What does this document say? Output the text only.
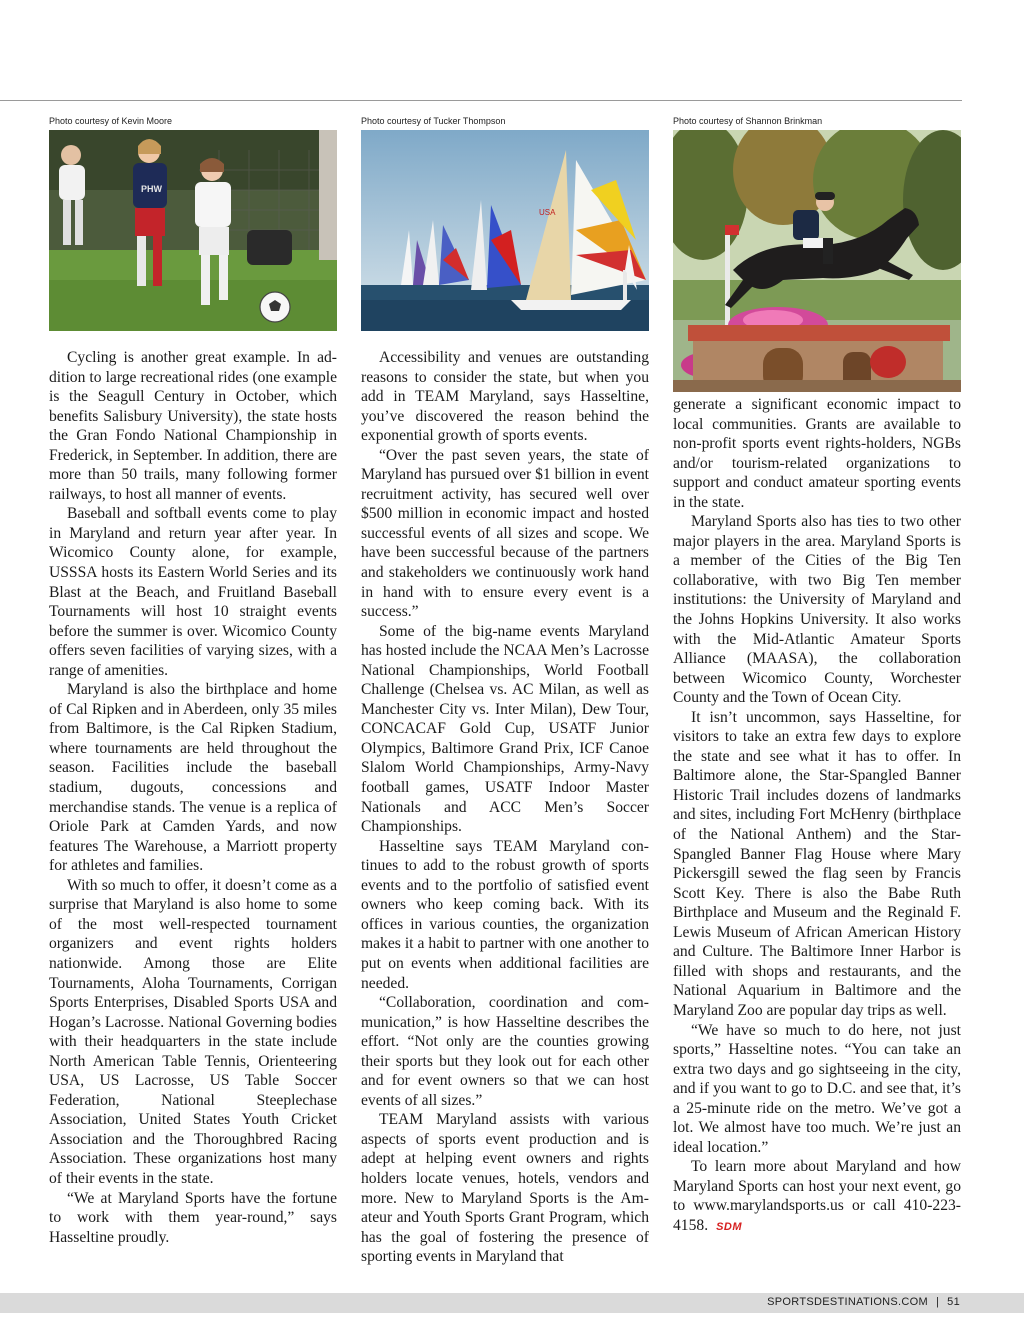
Photo courtesy of Kevin Moore
PHW

Cycling is another great example. In addition to large recreational rides (one example is the Seagull Century in October, which benefits Salisbury University), the state hosts the Gran Fondo National Championship in Frederick, in September. In addition, there are more than 50 trails, many following former railways, to host all manner of events.

Baseball and softball events come to play in Maryland and return year after year. In Wicomico County alone, for example, USSSA hosts its Eastern World Series and its Blast at the Beach, and Fruitland Baseball Tournaments will host 10 straight events before the summer is over. Wicomico County offers seven facilities of varying sizes, with a range of amenities.

Maryland is also the birthplace and home of Cal Ripken and in Aberdeen, only 35 miles from Baltimore, is the Cal Ripken Stadium, where tournaments are held throughout the season. Facilities include the baseball stadium, dugouts, concessions and merchandise stands. The venue is a replica of Oriole Park at Camden Yards, and now features The Warehouse, a Marriott property for athletes and families.

With so much to offer, it doesn’t come as a surprise that Maryland is also home to some of the most well-respected tournament organizers and event rights holders nationwide. Among those are Elite Tournaments, Aloha Tournaments, Corrigan Sports Enterprises, Disabled Sports USA and Hogan’s Lacrosse. National Governing bodies with their headquarters in the state include North American Table Tennis, Orienteering USA, US Lacrosse, US Table Soccer Federation, National Steeplechase Association, United States Youth Cricket Association and the Thoroughbred Racing Association. These organizations host many of their events in the state.

“We at Maryland Sports have the fortune to work with them year-round,” says Hasseltine proudly.

Photo courtesy of Tucker Thompson
USA

Accessibility and venues are outstanding reasons to consider the state, but when you add in TEAM Maryland, says Hasseltine, you’ve discovered the reason behind the exponential growth of sports events.

“Over the past seven years, the state of Maryland has pursued over $1 billion in event recruitment activity, has secured well over $500 million in economic impact and hosted successful events of all sizes and scope. We have been successful because of the partners and stakeholders we continuously work hand in hand with to ensure every event is a success.”

Some of the big-name events Maryland has hosted include the NCAA Men’s Lacrosse National Championships, World Football Challenge (Chelsea vs. AC Milan, as well as Manchester City vs. Inter Milan), Dew Tour, CONCACAF Gold Cup, USATF Junior Olympics, Baltimore Grand Prix, ICF Canoe Slalom World Championships, Army-Navy football games, USATF Indoor Master Nationals and ACC Men’s Soccer Championships.

Hasseltine says TEAM Maryland continues to add to the robust growth of sports events and to the portfolio of satisfied event owners who keep coming back. With its offices in various counties, the organization makes it a habit to partner with one another to put on events when additional facilities are needed.

“Collaboration, coordination and communication,” is how Hasseltine describes the effort. “Not only are the counties growing their sports but they look out for each other and for event owners so that we can host events of all sizes.”

TEAM Maryland assists with various aspects of sports event production and is adept at helping event owners and rights holders locate venues, hotels, vendors and more. New to Maryland Sports is the Amateur and Youth Sports Grant Program, which has the goal of fostering the presence of sporting events in Maryland that

Photo courtesy of Shannon Brinkman

generate a significant economic impact to local communities. Grants are available to non-profit sports event rights-holders, NGBs and/or tourism-related organizations to support and conduct amateur sporting events in the state.

Maryland Sports also has ties to two other major players in the area. Maryland Sports is a member of the Cities of the Big Ten collaborative, with two Big Ten member institutions: the University of Maryland and the Johns Hopkins University. It also works with the Mid-Atlantic Amateur Sports Alliance (MAASA), the collaboration between Wicomico County, Worchester County and the Town of Ocean City.

It isn’t uncommon, says Hasseltine, for visitors to take an extra few days to explore the state and see what it has to offer. In Baltimore alone, the Star-Spangled Banner Historic Trail includes dozens of landmarks and sites, including Fort McHenry (birthplace of the National Anthem) and the Star-Spangled Banner Flag House where Mary Pickersgill sewed the flag seen by Francis Scott Key. There is also the Babe Ruth Birthplace and Museum and the Reginald F. Lewis Museum of African American History and Culture. The Baltimore Inner Harbor is filled with shops and restaurants, and the National Aquarium in Baltimore and the Maryland Zoo are popular day trips as well.

“We have so much to do here, not just sports,” Hasseltine notes. “You can take an extra two days and go sightseeing in the city, and if you want to go to D.C. and see that, it’s a 25-minute ride on the metro. We’ve got a lot. We almost have too much. We’re just an ideal location.”

To learn more about Maryland and how Maryland Sports can host your next event, go to www.marylandsports.us or call 410-223-4158. SDM

SPORTSDESTINATIONS.COM | 51
